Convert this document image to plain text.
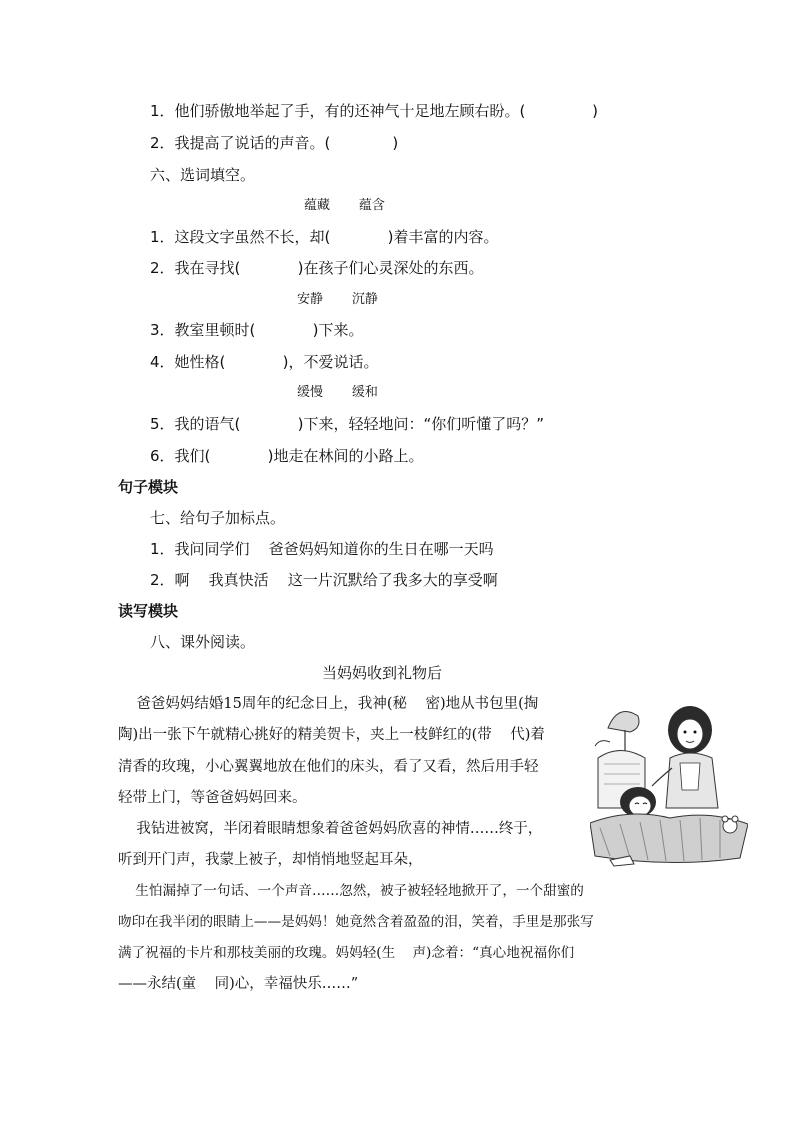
1．他们骄傲地举起了手，有的还神气十足地左顾右盼。(              )
2．我提高了说话的声音。(             )
六、选词填空。
蕴藏       蕴含
1．这段文字虽然不长，却(            )着丰富的内容。
2．我在寻找(            )在孩子们心灵深处的东西。
安静       沉静
3．教室里顿时(            )下来。
4．她性格(            )，不爱说话。
缓慢       缓和
5．我的语气(            )下来，轻轻地问：“你们听懂了吗？”
6．我们(            )地走在林间的小路上。
句子模块
七、给句子加标点。
1．我问同学们    爸爸妈妈知道你的生日在哪一天吗
2．啊    我真快活    这一片沉默给了我多大的享受啊
读写模块
八、课外阅读。
当妈妈收到礼物后
爸爸妈妈结婚15周年的纪念日上，我神(秘    密)地从书包里(掏
陶)出一张下午就精心挑好的精美贺卡，夹上一枝鲜红的(带    代)着
清香的玫瑰，小心翼翼地放在他们的床头，看了又看，然后用手轻
轻带上门，等爸爸妈妈回来。
我钻进被窝，半闭着眼睛想象着爸爸妈妈欣喜的神情……终于，
听到开门声，我蒙上被子，却悄悄地竖起耳朵，
生怕漏掉了一句话、一个声音……忽然，被子被轻轻地掀开了，一个甜蜜的
吻印在我半闭的眼睛上——是妈妈！她竟然含着盈盈的泪，笑着，手里是那张写
满了祝福的卡片和那枝美丽的玫瑰。妈妈轻(生    声)念着：“真心地祝福你们
——永结(童    同)心，幸福快乐……”
